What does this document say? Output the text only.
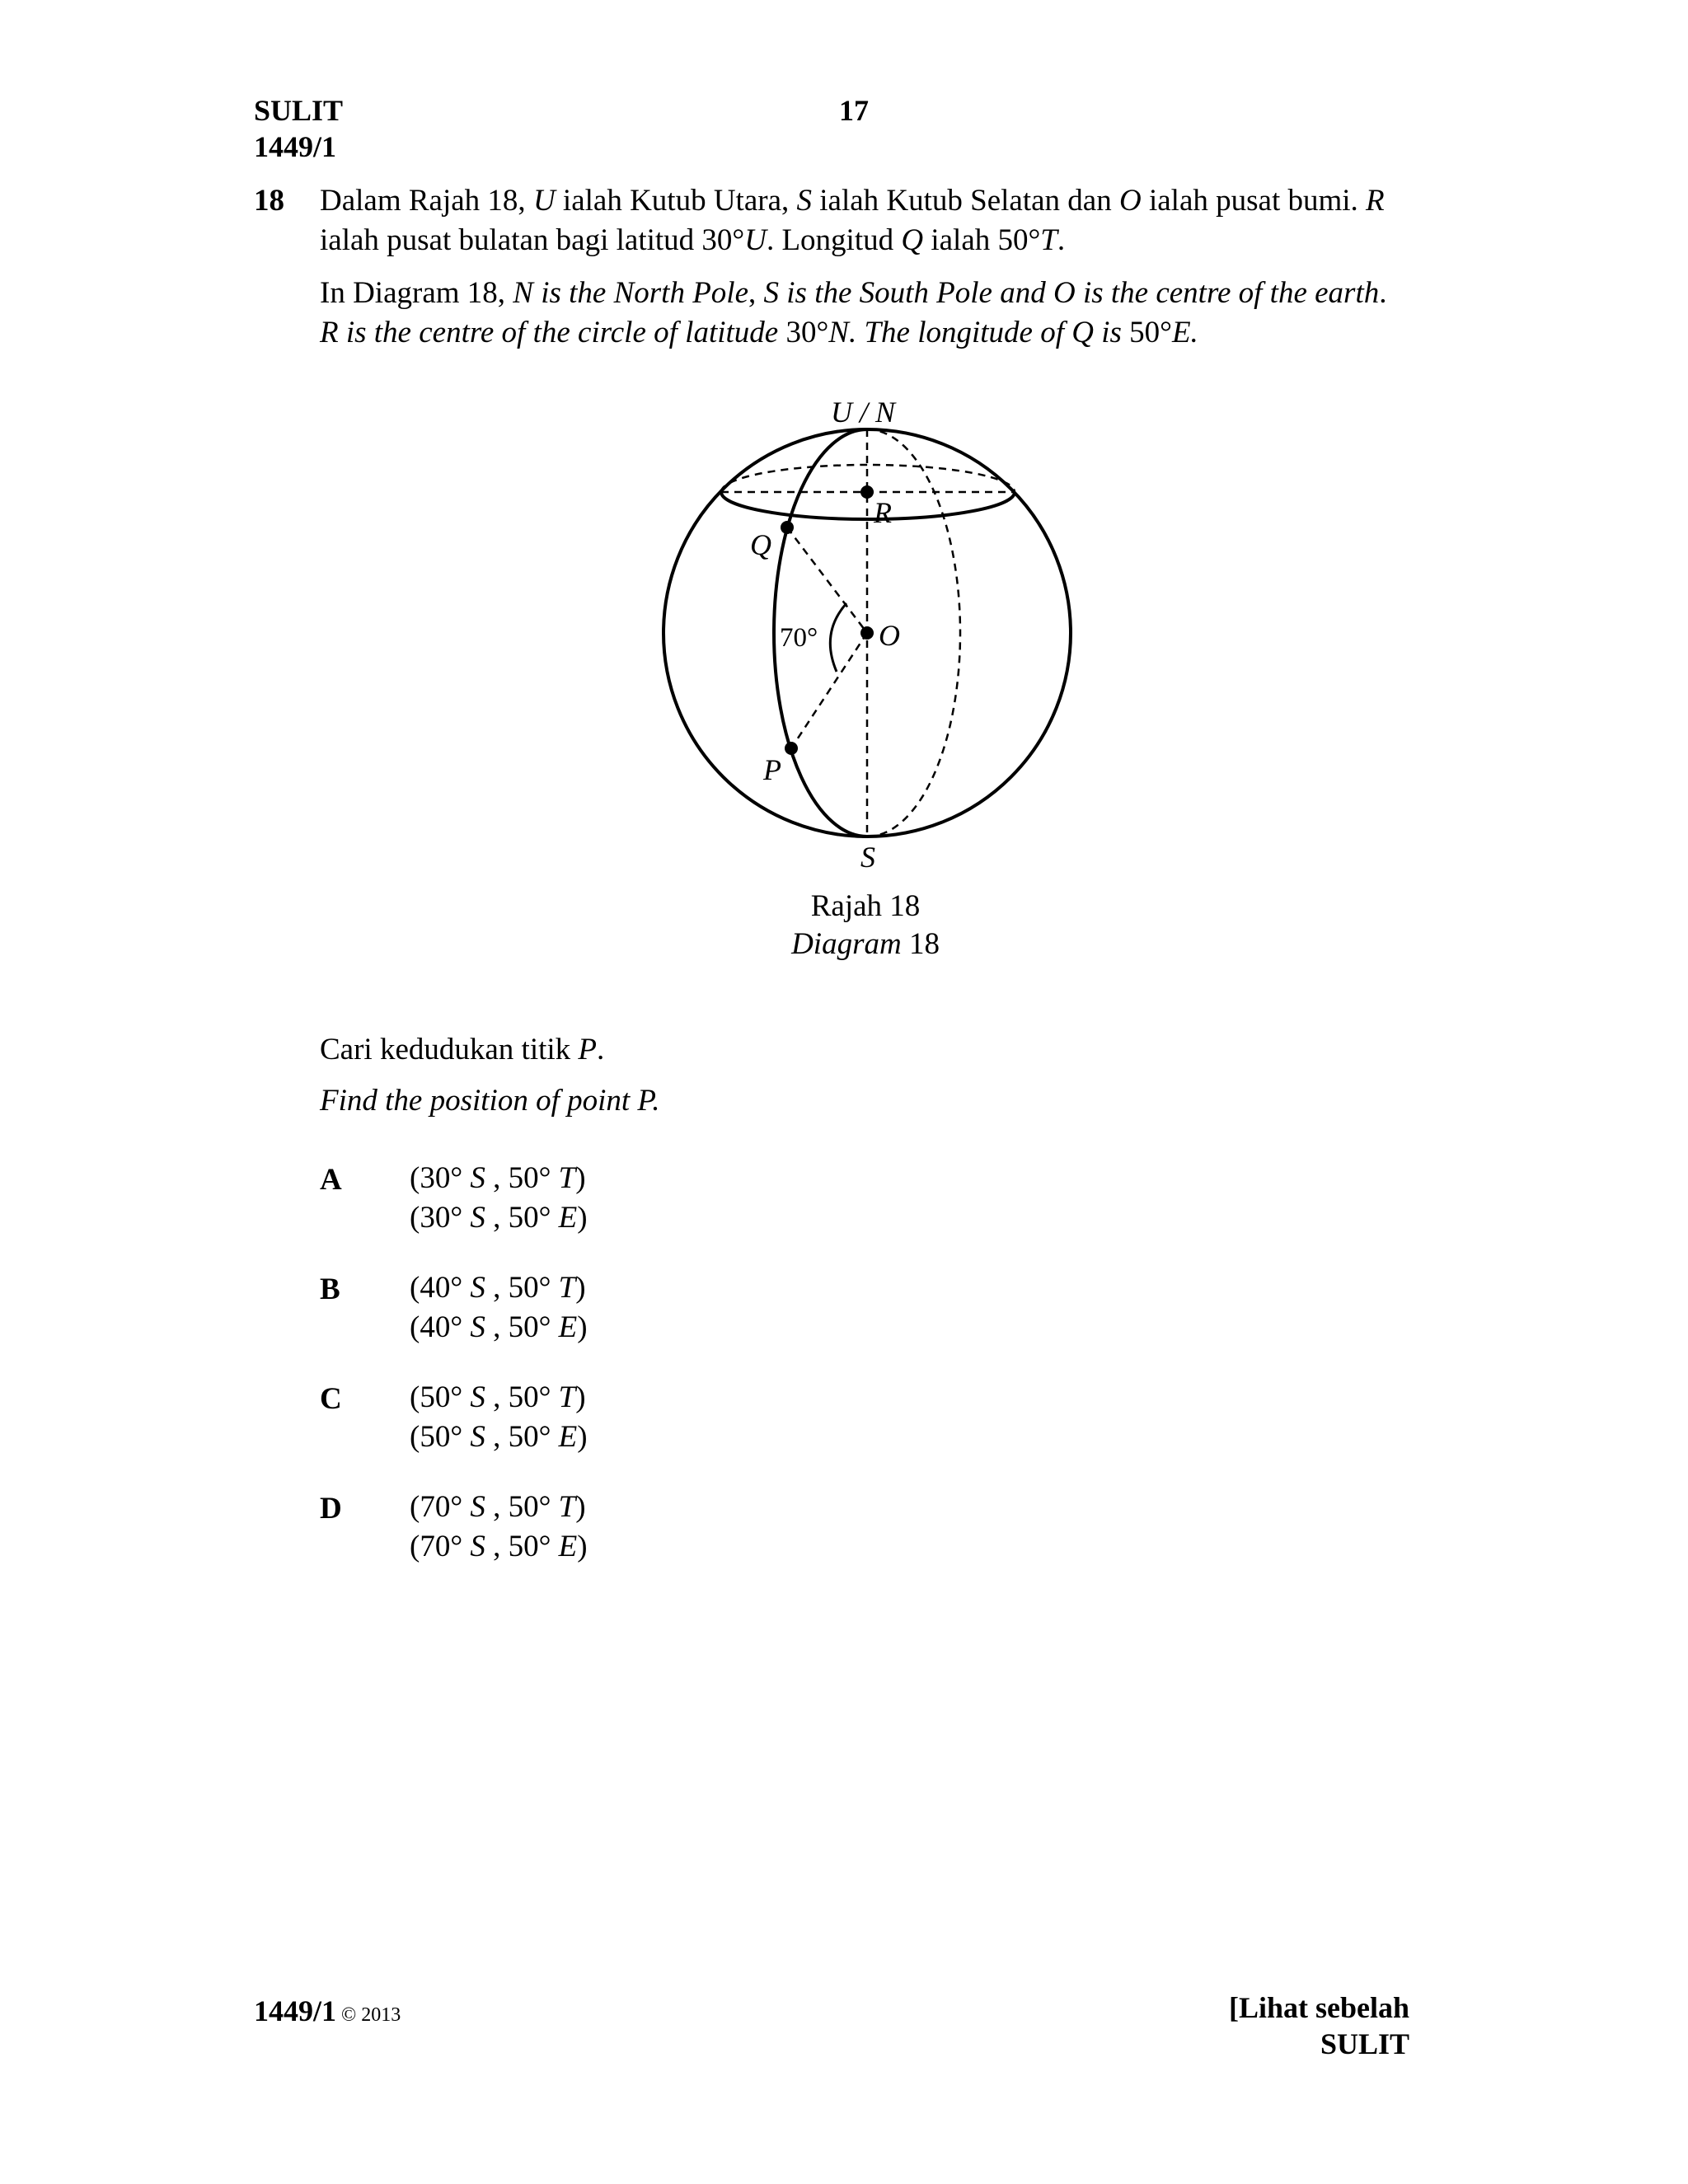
SULIT
1449/1
17
18 Dalam Rajah 18, U ialah Kutub Utara, S ialah Kutub Selatan dan O ialah pusat bumi. R
ialah pusat bulatan bagi latitud 30°U. Longitud Q ialah 50°T.
In Diagram 18, N is the North Pole, S is the South Pole and O is the centre of the earth.
R is the centre of the circle of latitude 30°N. The longitude of Q is 50°E.
U / N
R
Q
O
P
S
70°
Rajah 18
Diagram 18
Cari kedudukan titik P.
Find the position of point P.
A (30° S , 50° T)
(30° S , 50° E)
B (40° S , 50° T)
(40° S , 50° E)
C (50° S , 50° T)
(50° S , 50° E)
D (70° S , 50° T)
(70° S , 50° E)
1449/1 © 2013	[Lihat sebelah
SULIT
